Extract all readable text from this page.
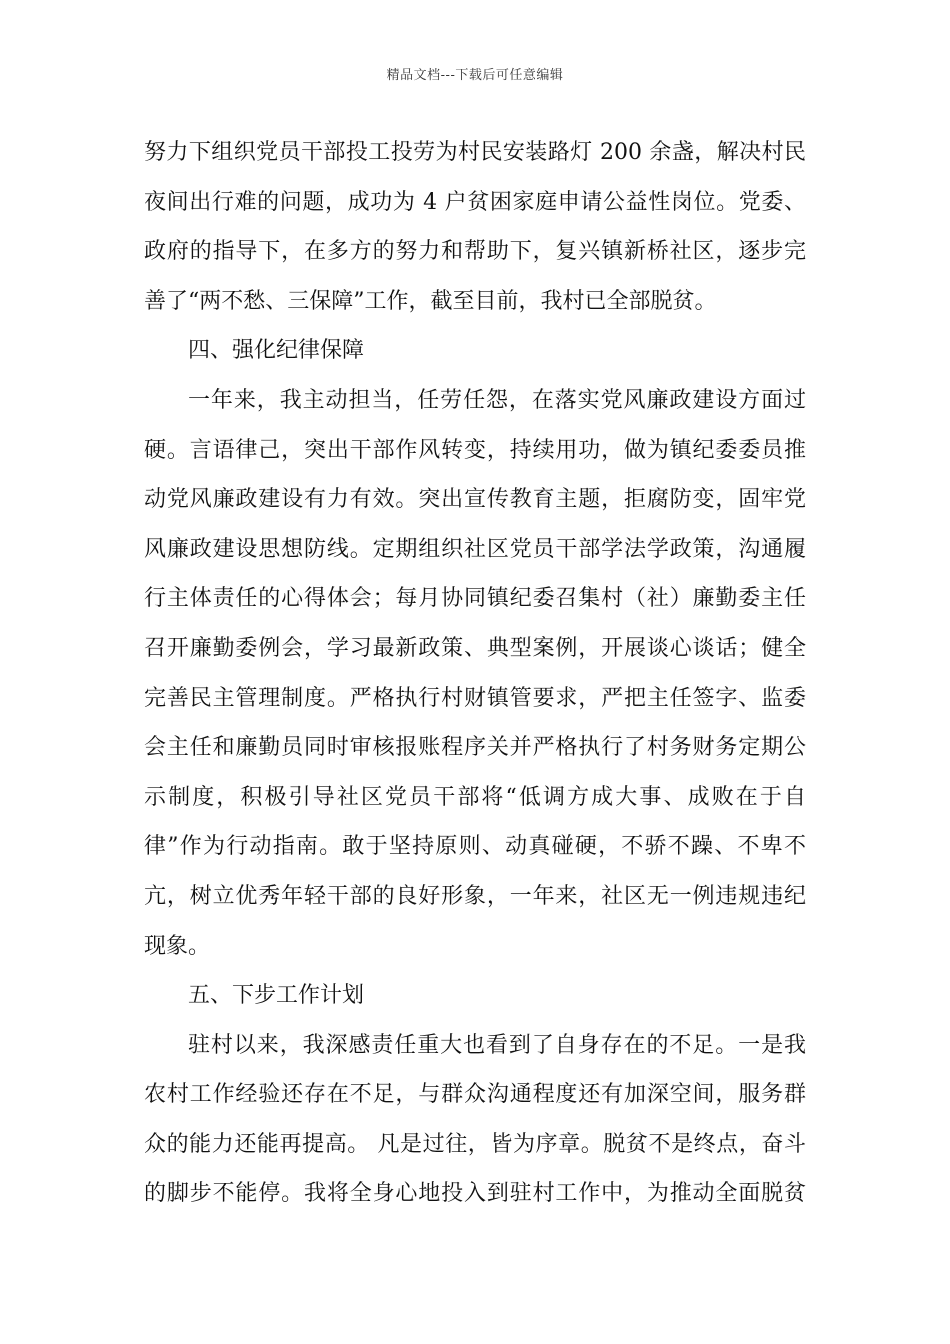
精品文档---下载后可任意编辑
努力下组织党员干部投工投劳为村民安装路灯 200 余盏，解决村民
夜间出行难的问题，成功为 4 户贫困家庭申请公益性岗位。党委、
政府的指导下，在多方的努力和帮助下，复兴镇新桥社区，逐步完
善了“两不愁、三保障”工作，截至目前，我村已全部脱贫。
四、强化纪律保障
一年来，我主动担当，任劳任怨，在落实党风廉政建设方面过
硬。言语律己，突出干部作风转变，持续用功，做为镇纪委委员推
动党风廉政建设有力有效。突出宣传教育主题，拒腐防变，固牢党
风廉政建设思想防线。定期组织社区党员干部学法学政策，沟通履
行主体责任的心得体会；每月协同镇纪委召集村（社）廉勤委主任
召开廉勤委例会，学习最新政策、典型案例，开展谈心谈话；健全
完善民主管理制度。严格执行村财镇管要求，严把主任签字、监委
会主任和廉勤员同时审核报账程序关并严格执行了村务财务定期公
示制度，积极引导社区党员干部将“低调方成大事、成败在于自
律”作为行动指南。敢于坚持原则、动真碰硬，不骄不躁、不卑不
亢，树立优秀年轻干部的良好形象，一年来，社区无一例违规违纪
现象。
五、下步工作计划
驻村以来，我深感责任重大也看到了自身存在的不足。一是我
农村工作经验还存在不足，与群众沟通程度还有加深空间，服务群
众的能力还能再提高。 凡是过往，皆为序章。脱贫不是终点，奋斗
的脚步不能停。我将全身心地投入到驻村工作中，为推动全面脱贫
